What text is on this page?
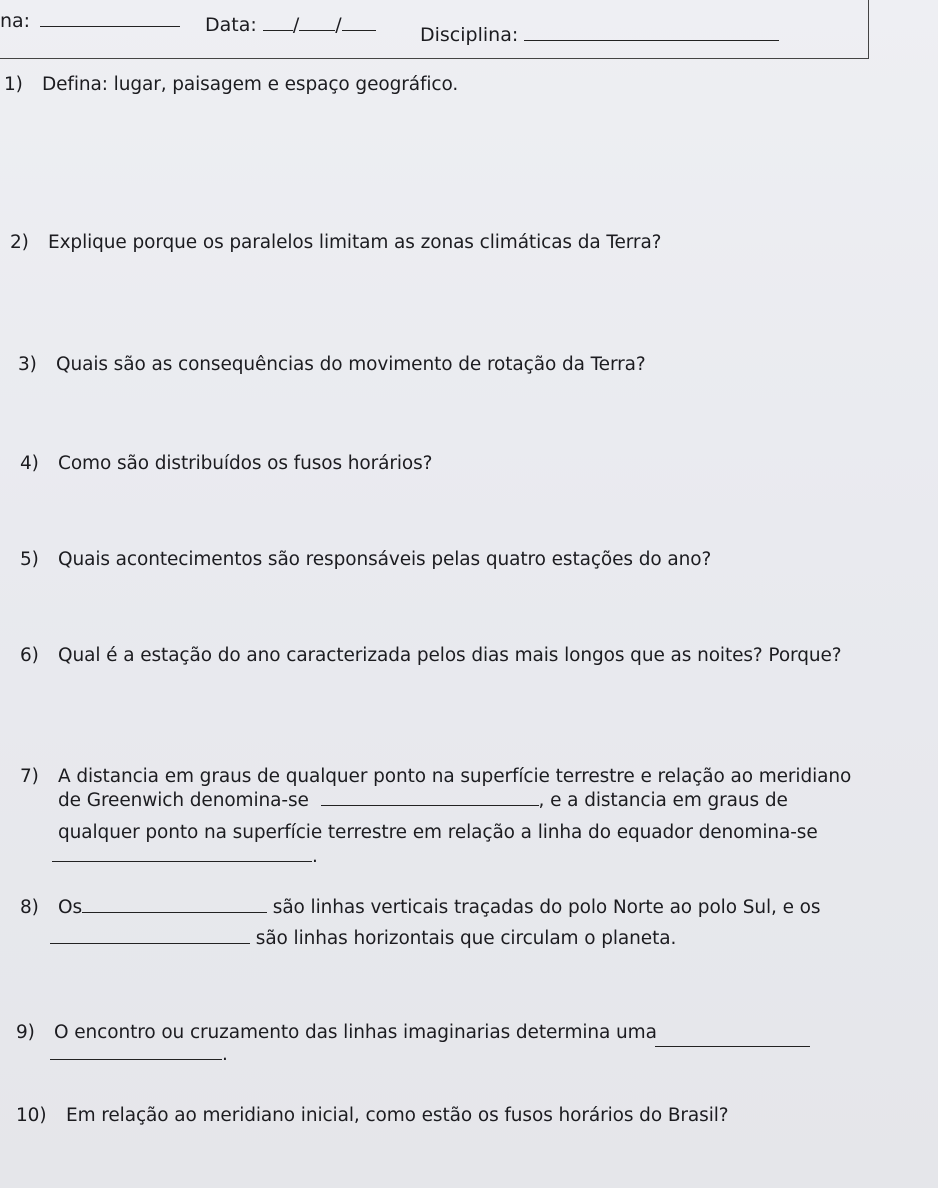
na:	Data: / /	Disciplina:
1) Defina: lugar, paisagem e espaço geográfico.
2) Explique porque os paralelos limitam as zonas climáticas da Terra?
3) Quais são as consequências do movimento de rotação da Terra?
4) Como são distribuídos os fusos horários?
5) Quais acontecimentos são responsáveis pelas quatro estações do ano?
6) Qual é a estação do ano caracterizada pelos dias mais longos que as noites? Porque?
7) A distancia em graus de qualquer ponto na superfície terrestre e relação ao meridiano
de Greenwich denomina-se	, e a distancia em graus de
qualquer ponto na superfície terrestre em relação a linha do equador denomina-se
.
8) Os	são linhas verticais traçadas do polo Norte ao polo Sul, e os
são linhas horizontais que circulam o planeta.
9) O encontro ou cruzamento das linhas imaginarias determina uma
.
10) Em relação ao meridiano inicial, como estão os fusos horários do Brasil?
